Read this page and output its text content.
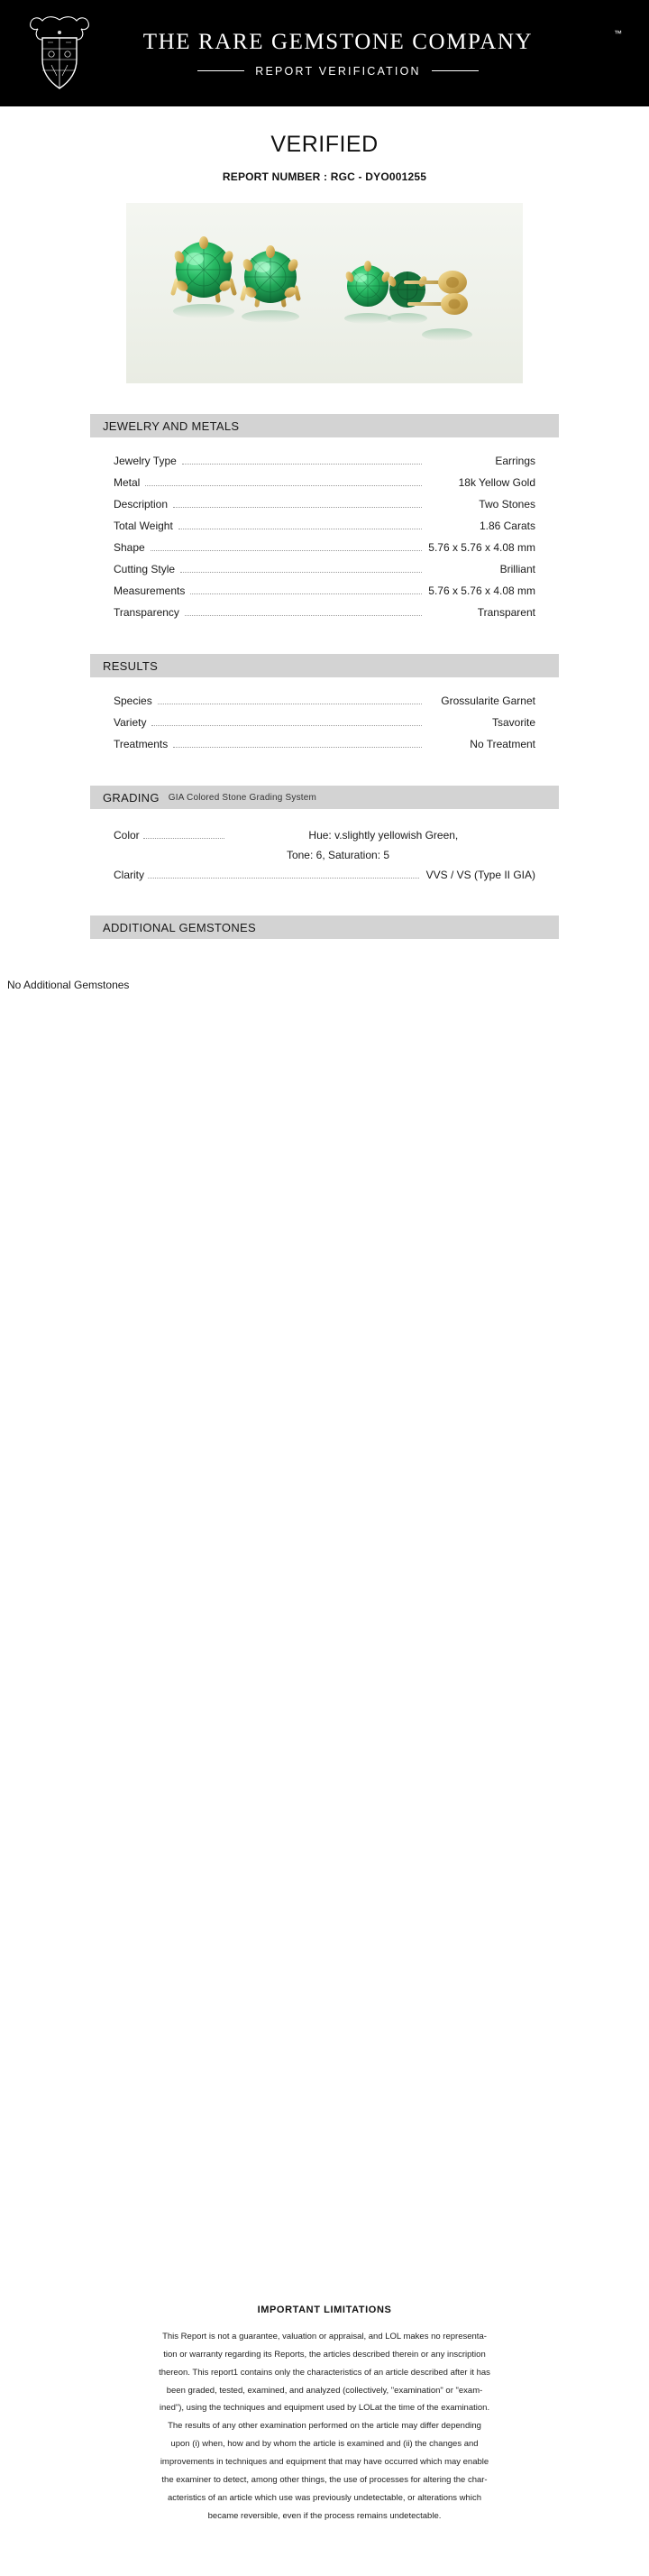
THE RARE GEMSTONE COMPANY
REPORT VERIFICATION
™
VERIFIED
REPORT NUMBER : RGC - DYO001255
JEWELRY AND METALS
Jewelry Type	Earrings
Metal	18k Yellow Gold
Description	Two Stones
Total Weight	1.86 Carats
Shape	5.76 x 5.76 x 4.08 mm
Cutting Style	Brilliant
Measurements	5.76 x 5.76 x 4.08 mm
Transparency	Transparent
RESULTS
Species	Grossularite Garnet
Variety	Tsavorite
Treatments	No Treatment
GRADING GIA Colored Stone Grading System
Color	Hue: v.slightly yellowish Green,
Tone: 6, Saturation: 5
Clarity	VVS / VS (Type II GIA)
ADDITIONAL GEMSTONES
No Additional Gemstones
IMPORTANT LIMITATIONS
This Report is not a guarantee, valuation or appraisal, and LOL makes no representa-
tion or warranty regarding its Reports, the articles described therein or any inscription
thereon. This report1 contains only the characteristics of an article described after it has
been graded, tested, examined, and analyzed (collectively, "examination" or "exam-
ined"), using the techniques and equipment used by LOLat the time of the examination.
The results of any other examination performed on the article may differ depending
upon (i) when, how and by whom the article is examined and (ii) the changes and
improvements in techniques and equipment that may have occurred which may enable
the examiner to detect, among other things, the use of processes for altering the char-
acteristics of an article which use was previously undetectable, or alterations which
became reversible, even if the process remains undetectable.
